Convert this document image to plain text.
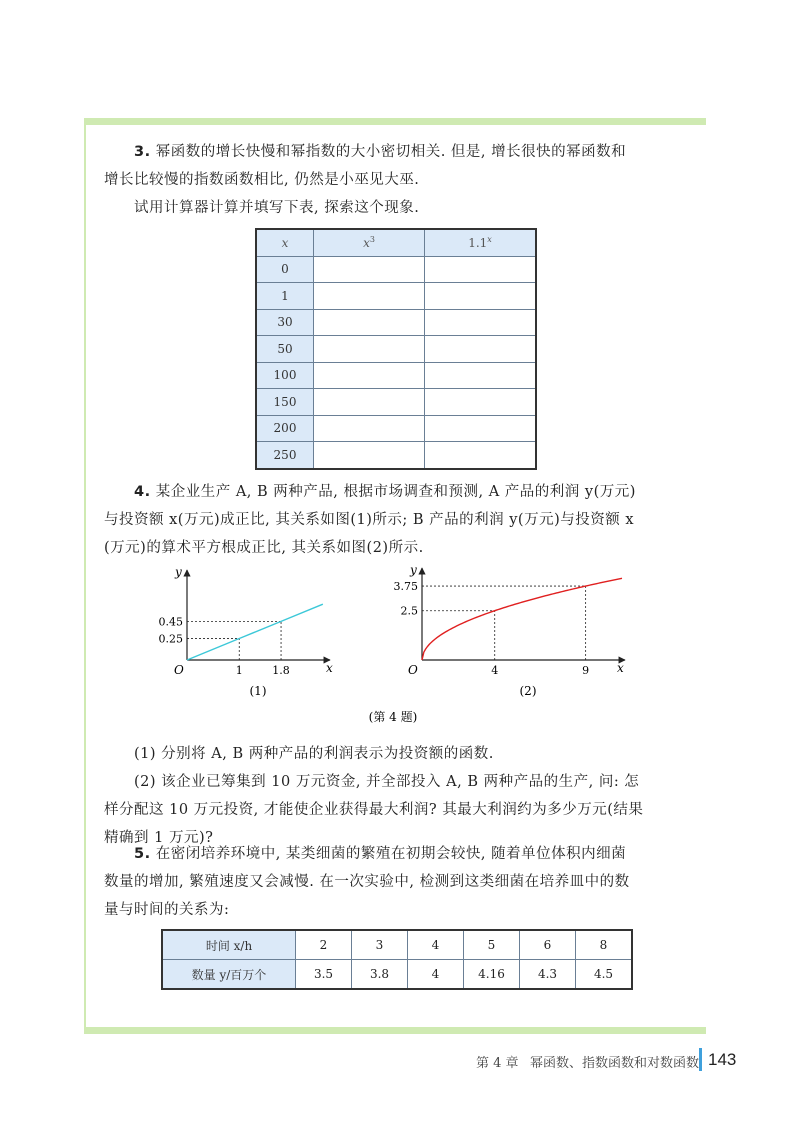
3. 幂函数的增长快慢和幂指数的大小密切相关. 但是, 增长很快的幂函数和
增长比较慢的指数函数相比, 仍然是小巫见大巫.
试用计算器计算并填写下表, 探索这个现象.
x	$x^3$	1.1$^x$
0		
1		
30		
50		
100		
150		
200		
250		
4. 某企业生产 A, B 两种产品, 根据市场调查和预测, A 产品的利润 y(万元)
与投资额 x(万元)成正比, 其关系如图(1)所示; B 产品的利润 y(万元)与投资额 x
(万元)的算术平方根成正比, 其关系如图(2)所示.
y
x
O	1	1.8
0.25
0.45
(1)
y
x
O	4	9
2.5
3.75
(2)
(第 4 题)
(1) 分别将 A, B 两种产品的利润表示为投资额的函数.
(2) 该企业已筹集到 10 万元资金, 并全部投入 A, B 两种产品的生产, 问: 怎
样分配这 10 万元投资, 才能使企业获得最大利润? 其最大利润约为多少万元(结果
精确到 1 万元)?
5. 在密闭培养环境中, 某类细菌的繁殖在初期会较快, 随着单位体积内细菌
数量的增加, 繁殖速度又会减慢. 在一次实验中, 检测到这类细菌在培养皿中的数
量与时间的关系为:
时间 x/h	2	3	4	5	6	8
数量 y/百万个	3.5	3.8	4	4.16	4.3	4.5
第 4 章 幂函数、指数函数和对数函数 143
